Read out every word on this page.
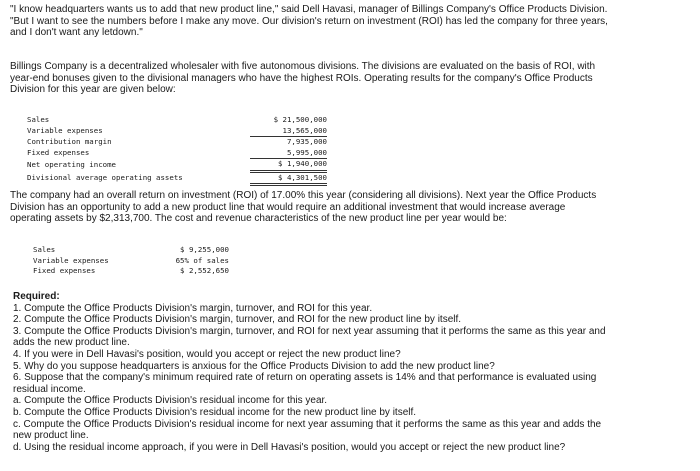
"I know headquarters wants us to add that new product line," said Dell Havasi, manager of Billings Company's Office Products Division.
"But I want to see the numbers before I make any move. Our division's return on investment (ROI) has led the company for three years,
and I don't want any letdown."
Billings Company is a decentralized wholesaler with five autonomous divisions. The divisions are evaluated on the basis of ROI, with
year-end bonuses given to the divisional managers who have the highest ROIs. Operating results for the company's Office Products
Division for this year are given below:
Sales	$ 21,500,000
Variable expenses	13,565,000
Contribution margin	7,935,000
Fixed expenses	5,995,000
Net operating income	$ 1,940,000
Divisional average operating assets	$ 4,301,500
The company had an overall return on investment (ROI) of 17.00% this year (considering all divisions). Next year the Office Products
Division has an opportunity to add a new product line that would require an additional investment that would increase average
operating assets by $2,313,700. The cost and revenue characteristics of the new product line per year would be:
Sales	$ 9,255,000
Variable expenses	65% of sales
Fixed expenses	$ 2,552,650
Required:
1. Compute the Office Products Division's margin, turnover, and ROI for this year.
2. Compute the Office Products Division's margin, turnover, and ROI for the new product line by itself.
3. Compute the Office Products Division's margin, turnover, and ROI for next year assuming that it performs the same as this year and
adds the new product line.
4. If you were in Dell Havasi's position, would you accept or reject the new product line?
5. Why do you suppose headquarters is anxious for the Office Products Division to add the new product line?
6. Suppose that the company's minimum required rate of return on operating assets is 14% and that performance is evaluated using
residual income.
a. Compute the Office Products Division's residual income for this year.
b. Compute the Office Products Division's residual income for the new product line by itself.
c. Compute the Office Products Division's residual income for next year assuming that it performs the same as this year and adds the
new product line.
d. Using the residual income approach, if you were in Dell Havasi's position, would you accept or reject the new product line?
